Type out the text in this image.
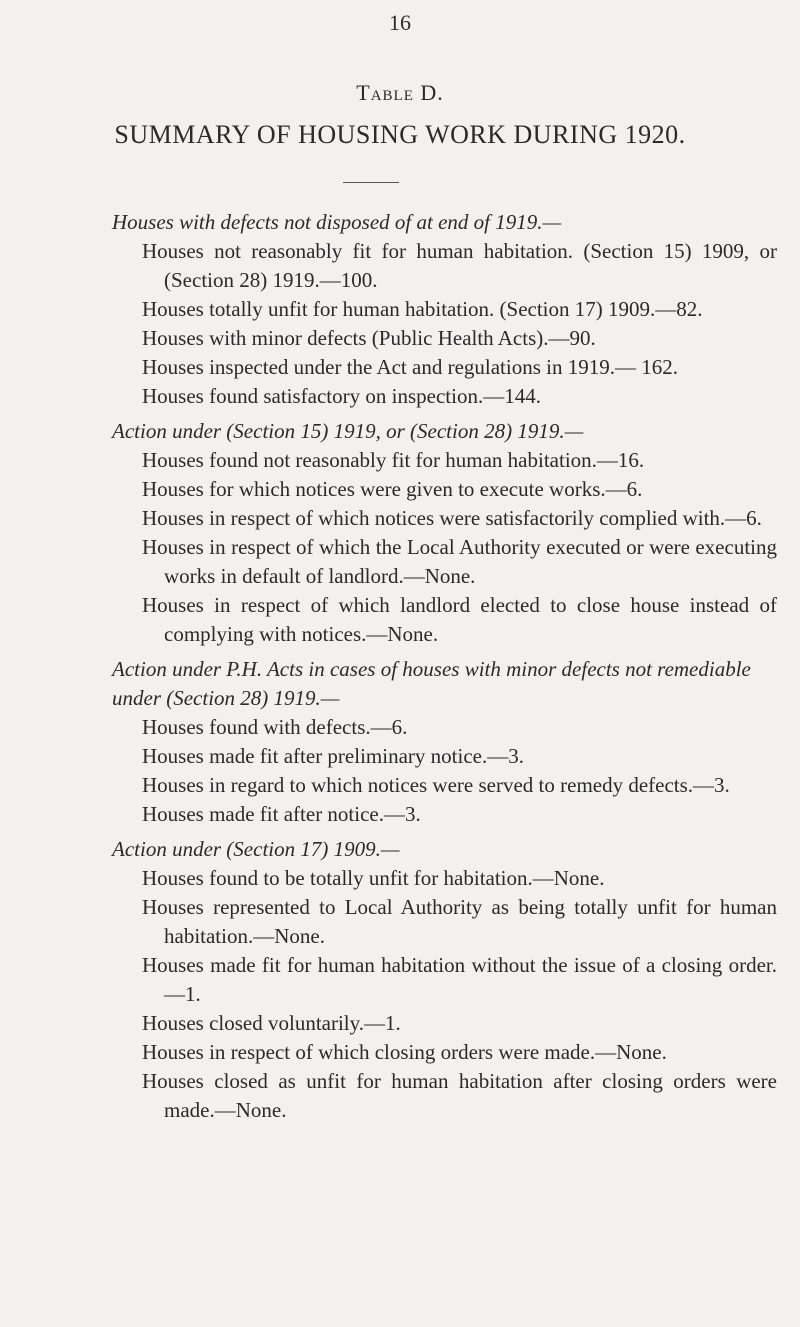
16
Table D.
SUMMARY OF HOUSING WORK DURING 1920.

Houses with defects not disposed of at end of 1919.—

Houses not reasonably fit for human habitation. (Section 15) 1909, or (Section 28) 1919.—100.
Houses totally unfit for human habitation. (Section 17) 1909.—82.
Houses with minor defects (Public Health Acts).—90.
Houses inspected under the Act and regulations in 1919.— 162.
Houses found satisfactory on inspection.—144.

Action under (Section 15) 1919, or (Section 28) 1919.—

Houses found not reasonably fit for human habitation.—16.
Houses for which notices were given to execute works.—6.
Houses in respect of which notices were satisfactorily complied with.—6.
Houses in respect of which the Local Authority executed or were executing works in default of landlord.—None.
Houses in respect of which landlord elected to close house instead of complying with notices.—None.

Action under P.H. Acts in cases of houses with minor defects not remediable under (Section 28) 1919.—

Houses found with defects.—6.
Houses made fit after preliminary notice.—3.
Houses in regard to which notices were served to remedy defects.—3.
Houses made fit after notice.—3.

Action under (Section 17) 1909.—

Houses found to be totally unfit for habitation.—None.
Houses represented to Local Authority as being totally unfit for human habitation.—None.
Houses made fit for human habitation without the issue of a closing order.—1.
Houses closed voluntarily.—1.
Houses in respect of which closing orders were made.—None.
Houses closed as unfit for human habitation after closing orders were made.—None.
